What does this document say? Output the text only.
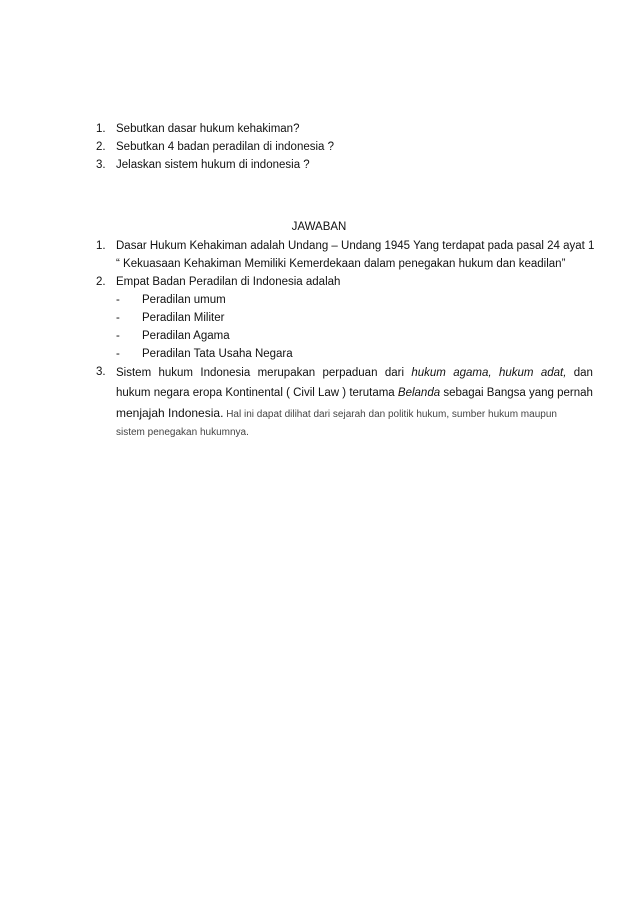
1. Sebutkan dasar hukum kehakiman?
2. Sebutkan 4 badan peradilan di indonesia ?
3. Jelaskan sistem hukum di indonesia ?
JAWABAN
1. Dasar Hukum Kehakiman adalah Undang – Undang 1945 Yang terdapat pada pasal 24 ayat 1
“ Kekuasaan Kehakiman Memiliki Kemerdekaan dalam penegakan hukum dan keadilan”
2. Empat Badan Peradilan di Indonesia adalah
-	Peradilan umum
-	Peradilan Militer
-	Peradilan Agama
-	Peradilan Tata Usaha Negara
3. Sistem hukum Indonesia merupakan perpaduan dari hukum agama, hukum adat, dan
hukum negara eropa Kontinental ( Civil Law ) terutama Belanda sebagai Bangsa yang pernah
menjajah Indonesia. Hal ini dapat dilihat dari sejarah dan politik hukum, sumber hukum maupun
sistem penegakan hukumnya.
